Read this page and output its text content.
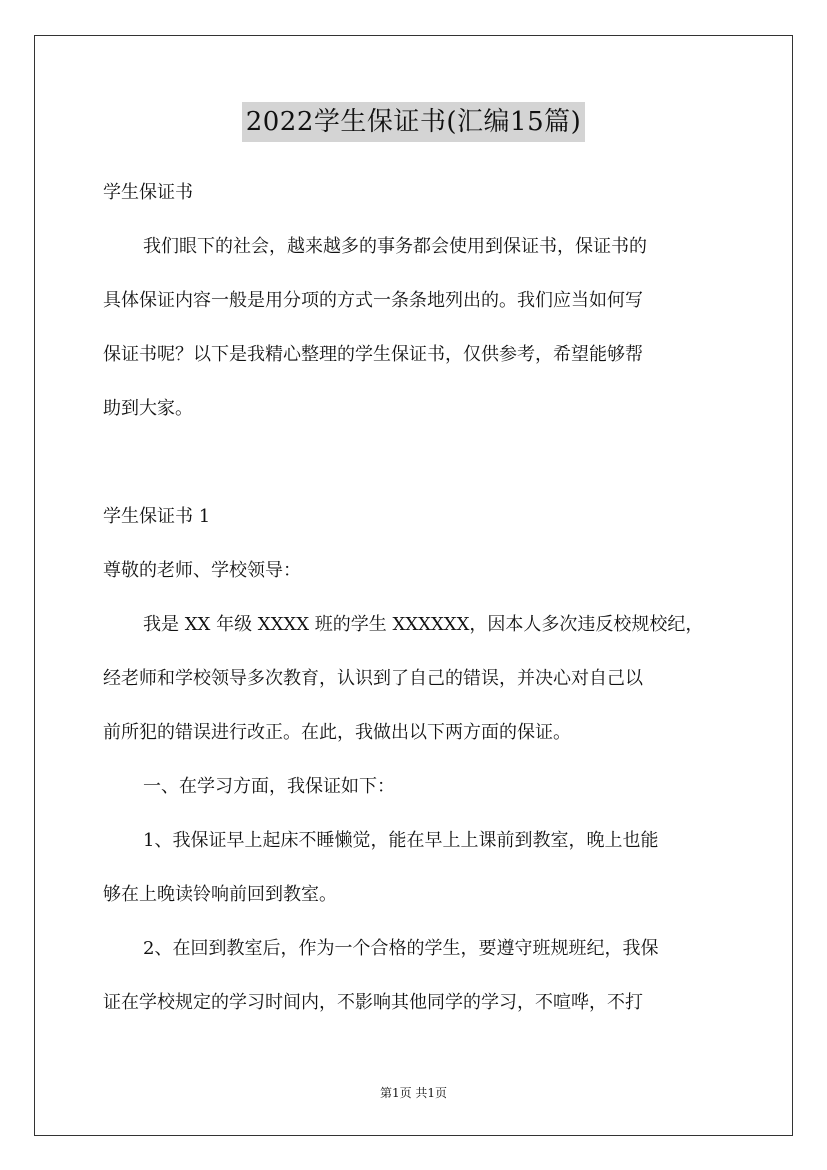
2022学生保证书(汇编15篇)
学生保证书
我们眼下的社会，越来越多的事务都会使用到保证书，保证书的
具体保证内容一般是用分项的方式一条条地列出的。我们应当如何写
保证书呢？以下是我精心整理的学生保证书，仅供参考，希望能够帮
助到大家。
学生保证书 1
尊敬的老师、学校领导：
我是 XX 年级 XXXX 班的学生 XXXXXX，因本人多次违反校规校纪，
经老师和学校领导多次教育，认识到了自己的错误，并决心对自己以
前所犯的错误进行改正。在此，我做出以下两方面的保证。
一、在学习方面，我保证如下：
1、我保证早上起床不睡懒觉，能在早上上课前到教室，晚上也能
够在上晚读铃响前回到教室。
2、在回到教室后，作为一个合格的学生，要遵守班规班纪，我保
证在学校规定的学习时间内，不影响其他同学的学习，不喧哗，不打
第1页 共1页
